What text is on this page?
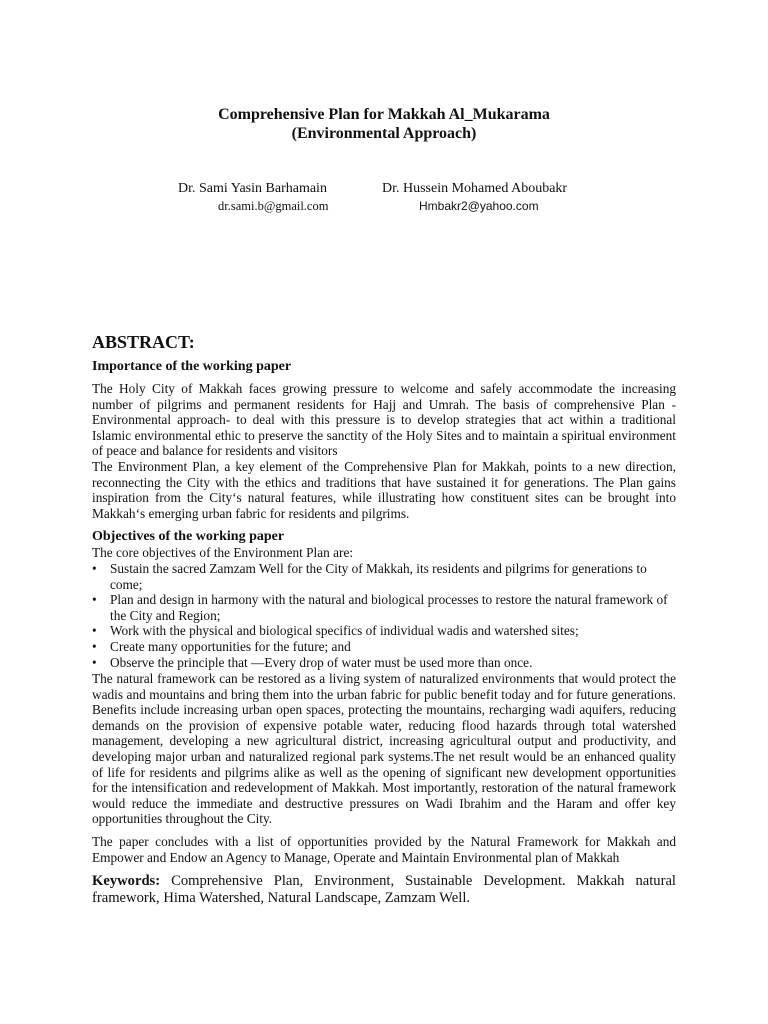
Comprehensive Plan for Makkah Al_Mukarama
(Environmental Approach)
Dr. Sami Yasin Barhamain
dr.sami.b@gmail.com
Dr. Hussein Mohamed Aboubakr
Hmbakr2@yahoo.com
ABSTRACT:
Importance of the working paper

The Holy City of Makkah faces growing pressure to welcome and safely accommodate the increasing number of pilgrims and permanent residents for Hajj and Umrah. The basis of comprehensive Plan - Environmental approach- to deal with this pressure is to develop strategies that act within a traditional Islamic environmental ethic to preserve the sanctity of the Holy Sites and to maintain a spiritual environment of peace and balance for residents and visitors

The Environment Plan, a key element of the Comprehensive Plan for Makkah, points to a new direction, reconnecting the City with the ethics and traditions that have sustained it for generations. The Plan gains inspiration from the City‘s natural features, while illustrating how constituent sites can be brought into Makkah‘s emerging urban fabric for residents and pilgrims.

Objectives of the working paper

The core objectives of the Environment Plan are:

• Sustain the sacred Zamzam Well for the City of Makkah, its residents and pilgrims for generations to come;
• Plan and design in harmony with the natural and biological processes to restore the natural framework of the City and Region;
• Work with the physical and biological specifics of individual wadis and watershed sites;
• Create many opportunities for the future; and
• Observe the principle that ―Every drop of water must be used more than once.

The natural framework can be restored as a living system of naturalized environments that would protect the wadis and mountains and bring them into the urban fabric for public benefit today and for future generations. Benefits include increasing urban open spaces, protecting the mountains, recharging wadi aquifers, reducing demands on the provision of expensive potable water, reducing flood hazards through total watershed management, developing a new agricultural district, increasing agricultural output and productivity, and developing major urban and naturalized regional park systems.The net result would be an enhanced quality of life for residents and pilgrims alike as well as the opening of significant new development opportunities for the intensification and redevelopment of Makkah. Most importantly, restoration of the natural framework would reduce the immediate and destructive pressures on Wadi Ibrahim and the Haram and offer key opportunities throughout the City.

The paper concludes with a list of opportunities provided by the Natural Framework for Makkah and Empower and Endow an Agency to Manage, Operate and Maintain Environmental plan of Makkah

Keywords: Comprehensive Plan, Environment, Sustainable Development. Makkah natural framework, Hima Watershed, Natural Landscape, Zamzam Well.
